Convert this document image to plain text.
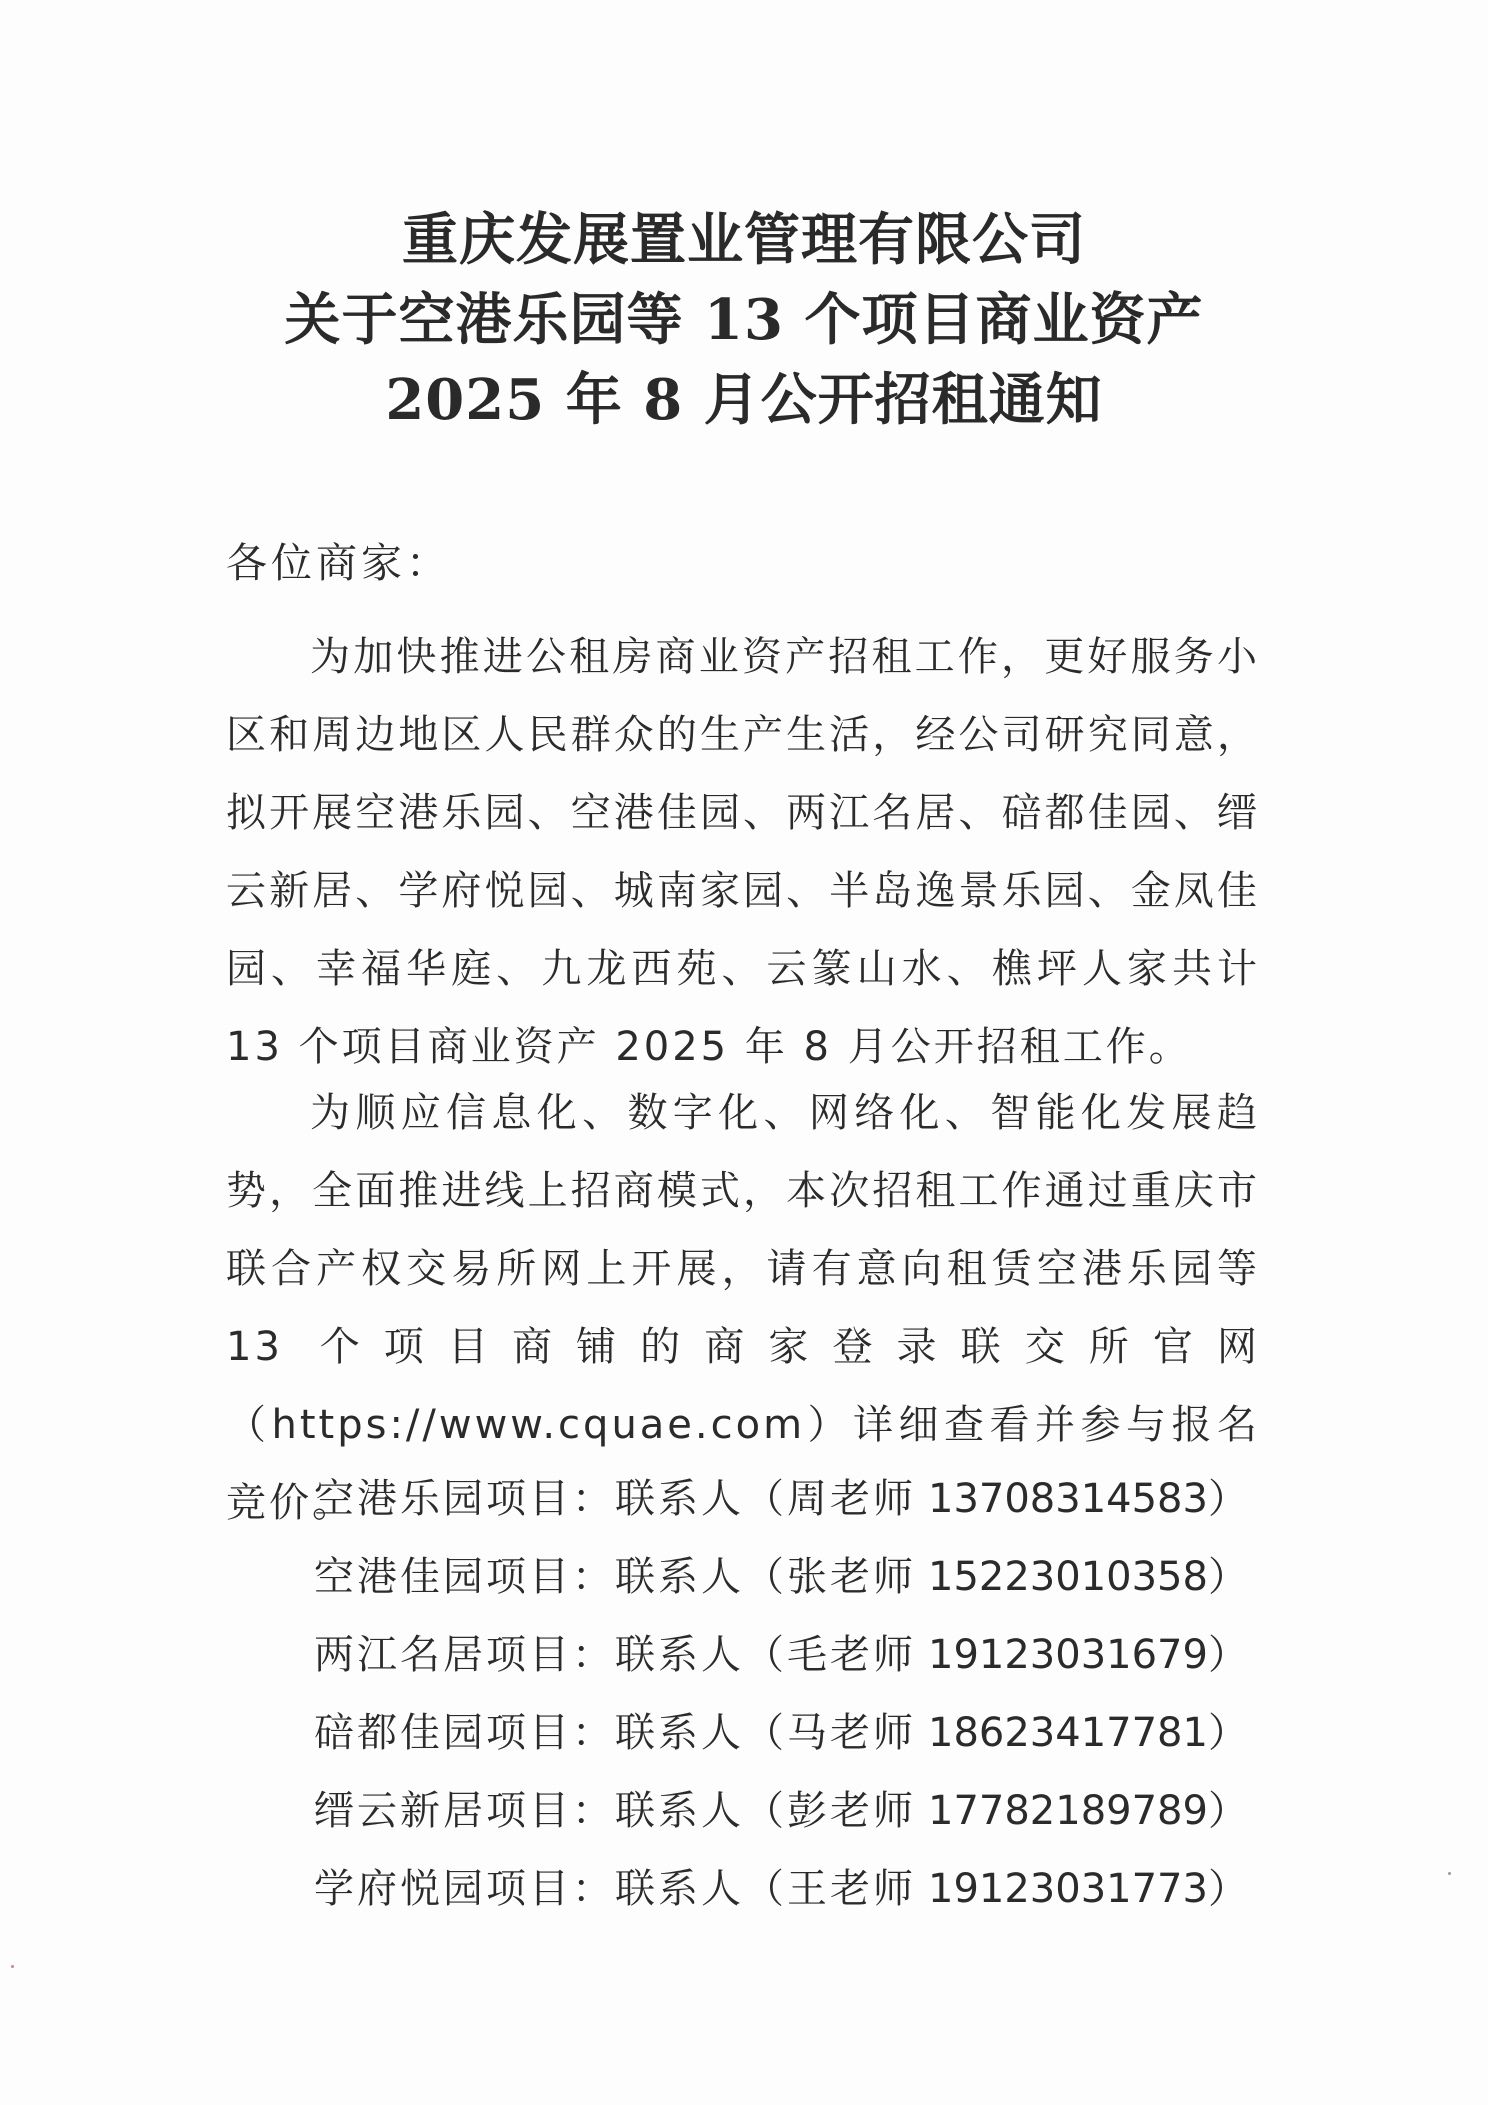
重庆发展置业管理有限公司
关于空港乐园等 13 个项目商业资产
2025 年 8 月公开招租通知
各位商家：
为加快推进公租房商业资产招租工作，更好服务小区和周边地区人民群众的生产生活，经公司研究同意，拟开展空港乐园、空港佳园、两江名居、碚都佳园、缙云新居、学府悦园、城南家园、半岛逸景乐园、金凤佳园、幸福华庭、九龙西苑、云篆山水、樵坪人家共计 13 个项目商业资产 2025 年 8 月公开招租工作。
为顺应信息化、数字化、网络化、智能化发展趋势，全面推进线上招商模式，本次招租工作通过重庆市联合产权交易所网上开展，请有意向租赁空港乐园等 13 个项目商铺的商家登录联交所官网（https://www.cquae.com）详细查看并参与报名竞价。
空港乐园项目：联系人（周老师 13708314583）
空港佳园项目：联系人（张老师 15223010358）
两江名居项目：联系人（毛老师 19123031679）
碚都佳园项目：联系人（马老师 18623417781）
缙云新居项目：联系人（彭老师 17782189789）
学府悦园项目：联系人（王老师 19123031773）
